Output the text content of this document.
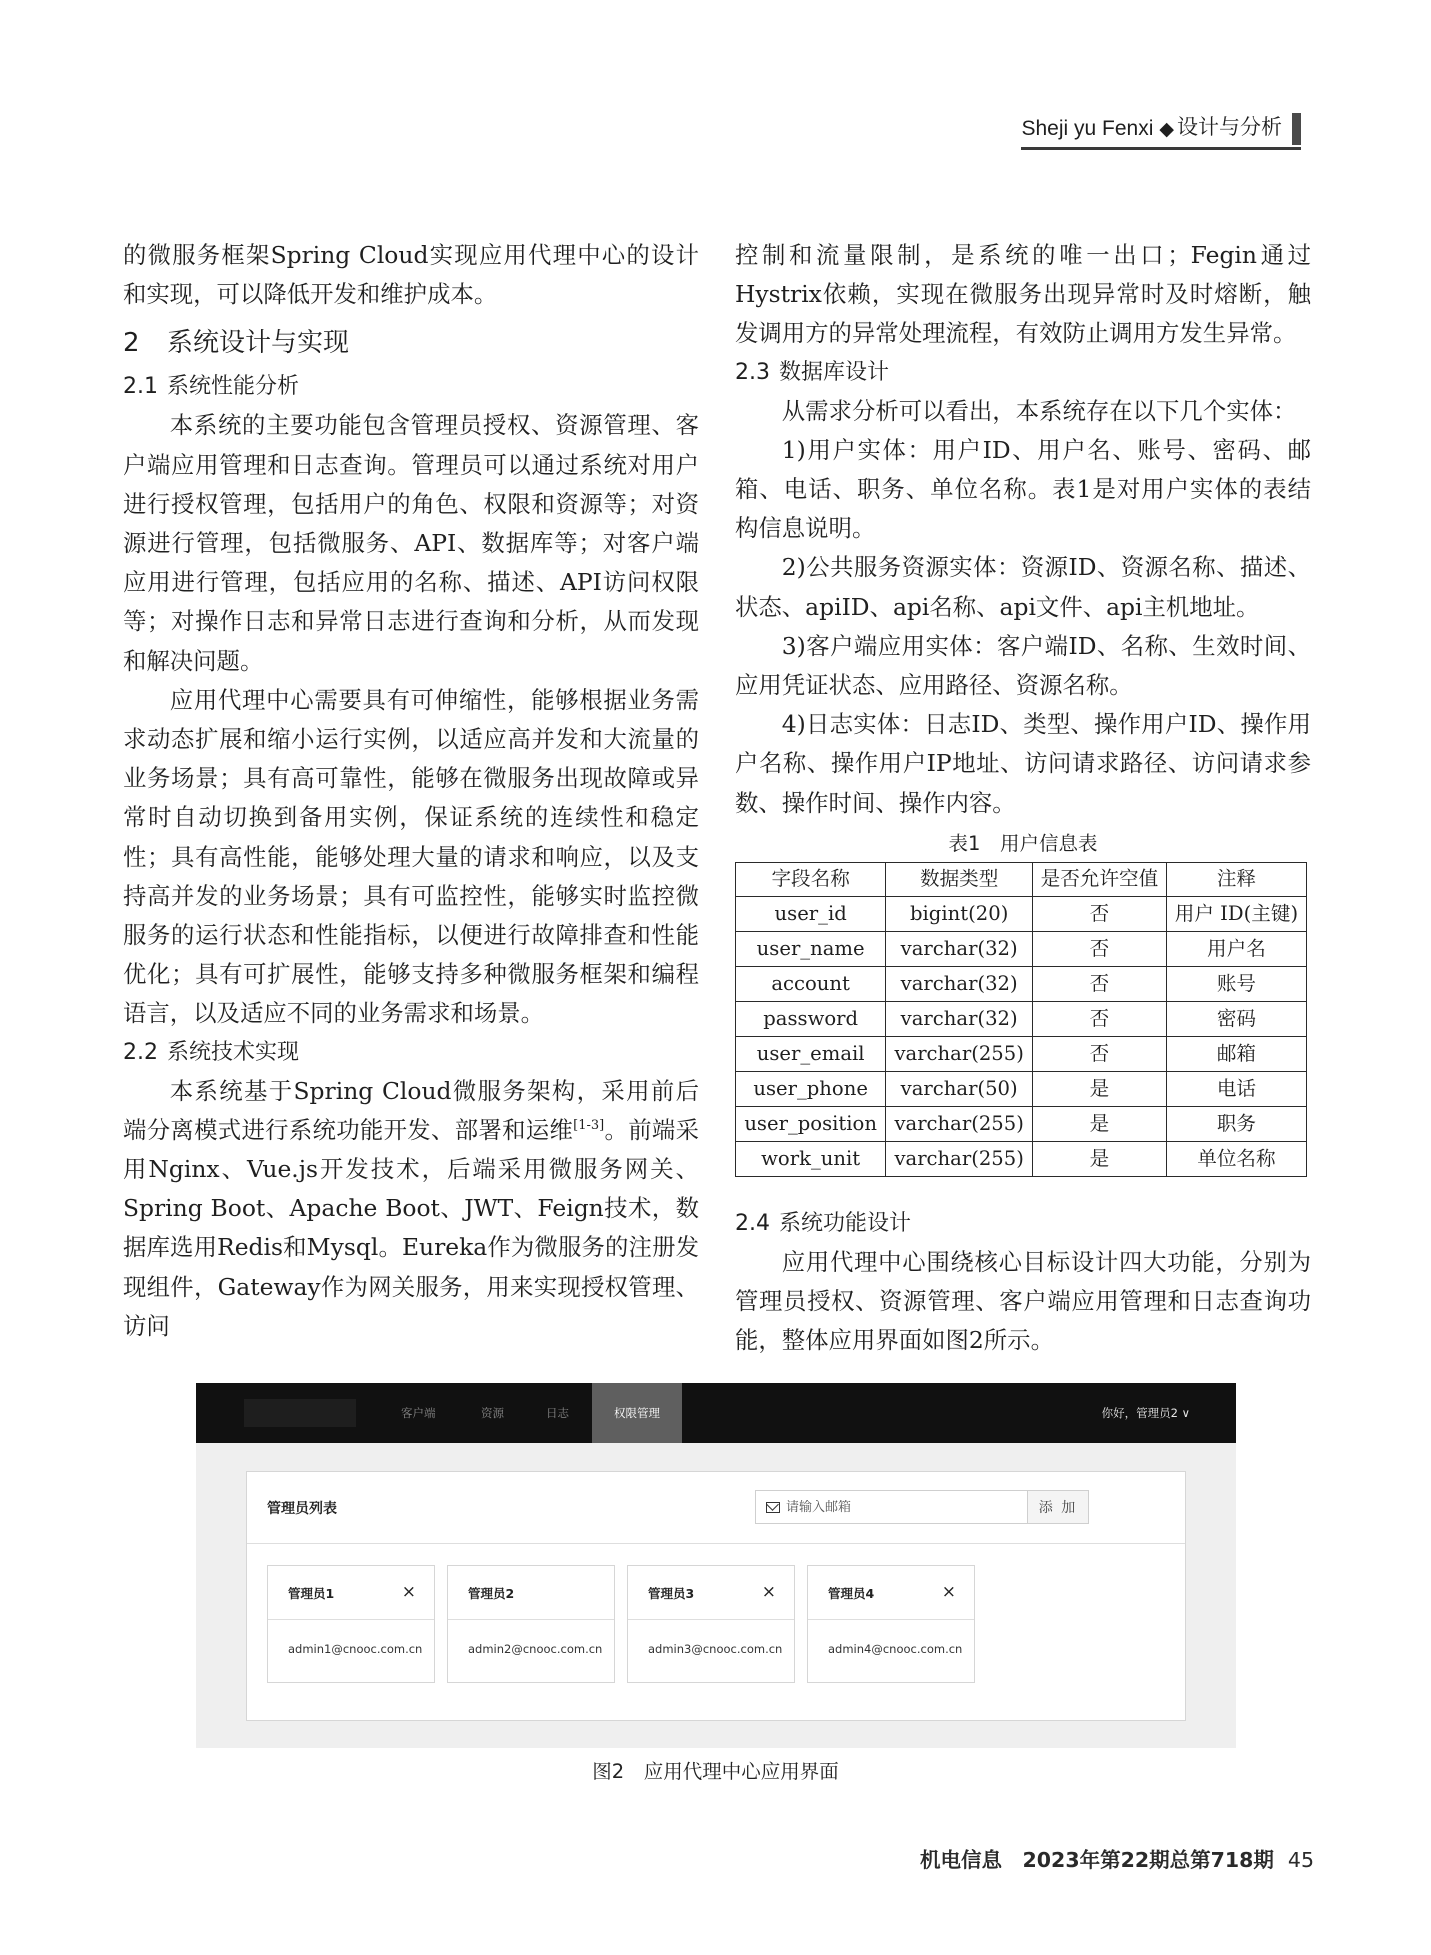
Sheji yu Fenxi ◆ 设计与分析

的微服务框架Spring Cloud实现应用代理中心的设计和实现，可以降低开发和维护成本。

2 系统设计与实现
2.1 系统性能分析

本系统的主要功能包含管理员授权、资源管理、客户端应用管理和日志查询。管理员可以通过系统对用户进行授权管理，包括用户的角色、权限和资源等；对资源进行管理，包括微服务、API、数据库等；对客户端应用进行管理，包括应用的名称、描述、API访问权限等；对操作日志和异常日志进行查询和分析，从而发现和解决问题。

应用代理中心需要具有可伸缩性，能够根据业务需求动态扩展和缩小运行实例，以适应高并发和大流量的业务场景；具有高可靠性，能够在微服务出现故障或异常时自动切换到备用实例，保证系统的连续性和稳定性；具有高性能，能够处理大量的请求和响应，以及支持高并发的业务场景；具有可监控性，能够实时监控微服务的运行状态和性能指标，以便进行故障排查和性能优化；具有可扩展性，能够支持多种微服务框架和编程语言，以及适应不同的业务需求和场景。

2.2 系统技术实现

本系统基于Spring Cloud微服务架构，采用前后端分离模式进行系统功能开发、部署和运维[1-3]。前端采用Nginx、Vue.js开发技术，后端采用微服务网关、Spring Boot、Apache Boot、JWT、Feign技术，数据库选用Redis和Mysql。Eureka作为微服务的注册发现组件，Gateway作为网关服务，用来实现授权管理、访问

控制和流量限制，是系统的唯一出口；Fegin通过Hystrix依赖，实现在微服务出现异常时及时熔断，触发调用方的异常处理流程，有效防止调用方发生异常。

2.3 数据库设计

从需求分析可以看出，本系统存在以下几个实体：

1)用户实体：用户ID、用户名、账号、密码、邮箱、电话、职务、单位名称。表1是对用户实体的表结构信息说明。

2)公共服务资源实体：资源ID、资源名称、描述、状态、apiID、api名称、api文件、api主机地址。

3)客户端应用实体：客户端ID、名称、生效时间、应用凭证状态、应用路径、资源名称。

4)日志实体：日志ID、类型、操作用户ID、操作用户名称、操作用户IP地址、访问请求路径、访问请求参数、操作时间、操作内容。

表1　用户信息表
字段名称	数据类型	是否允许空值	注释
user_id	bigint(20)	否	用户 ID(主键)
user_name	varchar(32)	否	用户名
account	varchar(32)	否	账号
password	varchar(32)	否	密码
user_email	varchar(255)	否	邮箱
user_phone	varchar(50)	是	电话
user_position	varchar(255)	是	职务
work_unit	varchar(255)	是	单位名称
2.4 系统功能设计

应用代理中心围绕核心目标设计四大功能，分别为管理员授权、资源管理、客户端应用管理和日志查询功能，整体应用界面如图2所示。

客户端	资源	日志	权限管理	你好，管理员2 ∨
管理员列表
请输入邮箱	添 加
管理员1	×
admin1@cnooc.com.cn
管理员2
admin2@cnooc.com.cn
管理员3	×
admin3@cnooc.com.cn
管理员4	×
admin4@cnooc.com.cn
图2　应用代理中心应用界面
机电信息　2023年第22期总第718期 45
